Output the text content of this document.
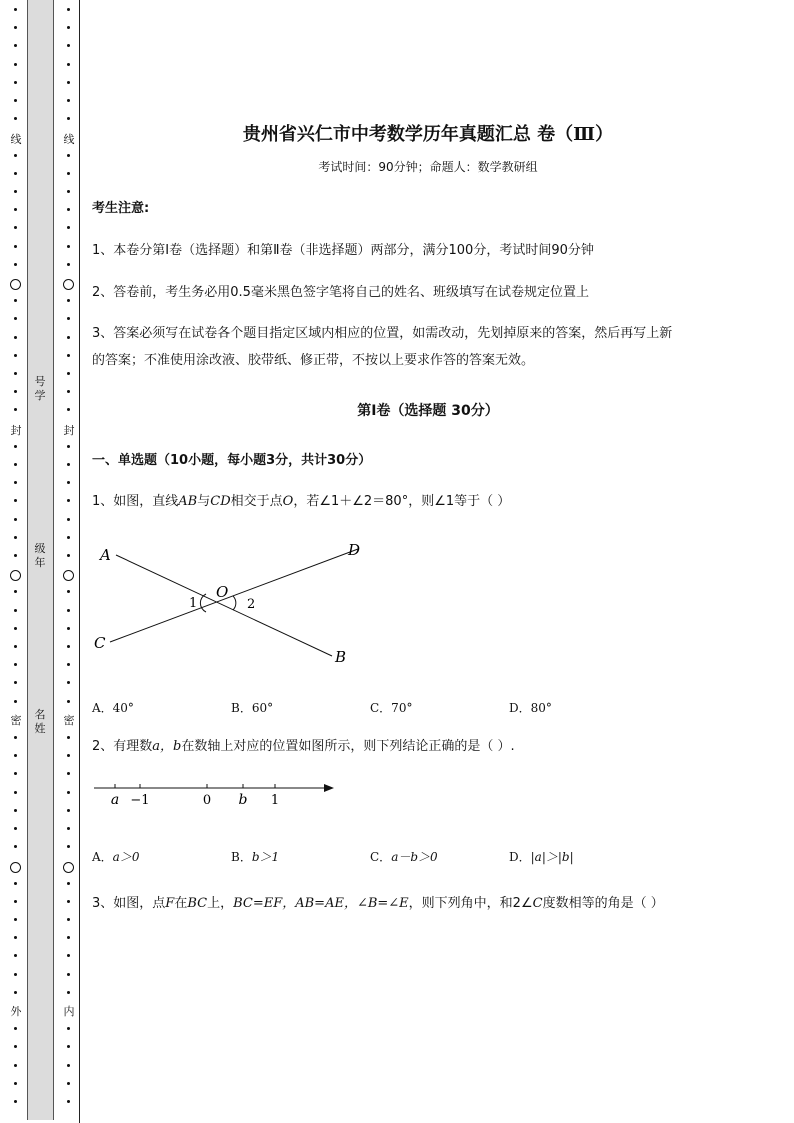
线
封
密
外
号学
级年
名姓
线
封
密
内
贵州省兴仁市中考数学历年真题汇总 卷（Ⅲ）
考试时间：90分钟；命题人：数学教研组
考生注意:
1、本卷分第I卷（选择题）和第Ⅱ卷（非选择题）两部分，满分100分，考试时间90分钟
2、答卷前，考生务必用0.5毫米黑色签字笔将自己的姓名、班级填写在试卷规定位置上
3、答案必须写在试卷各个题目指定区域内相应的位置，如需改动，先划掉原来的答案，然后再写上新
的答案；不准使用涂改液、胶带纸、修正带，不按以上要求作答的答案无效。
第Ⅰ卷（选择题 30分）
一、单选题（10小题，每小题3分，共计30分）
1、如图，直线AB与CD相交于点O，若∠1＋∠2＝80°，则∠1等于（ ）
A	D
C
B
O
1	2
A．40°	B．60°	C．70°	D．80°
2、有理数a，b在数轴上对应的位置如图所示，则下列结论正确的是（ ）.
a −1	0 b 1
A．a＞0	B．b＞1	C．a－b＞0	D．|a|＞|b|
3、如图，点F在BC上，BC=EF，AB=AE，∠B=∠E，则下列角中，和2∠C度数相等的角是（ ）
